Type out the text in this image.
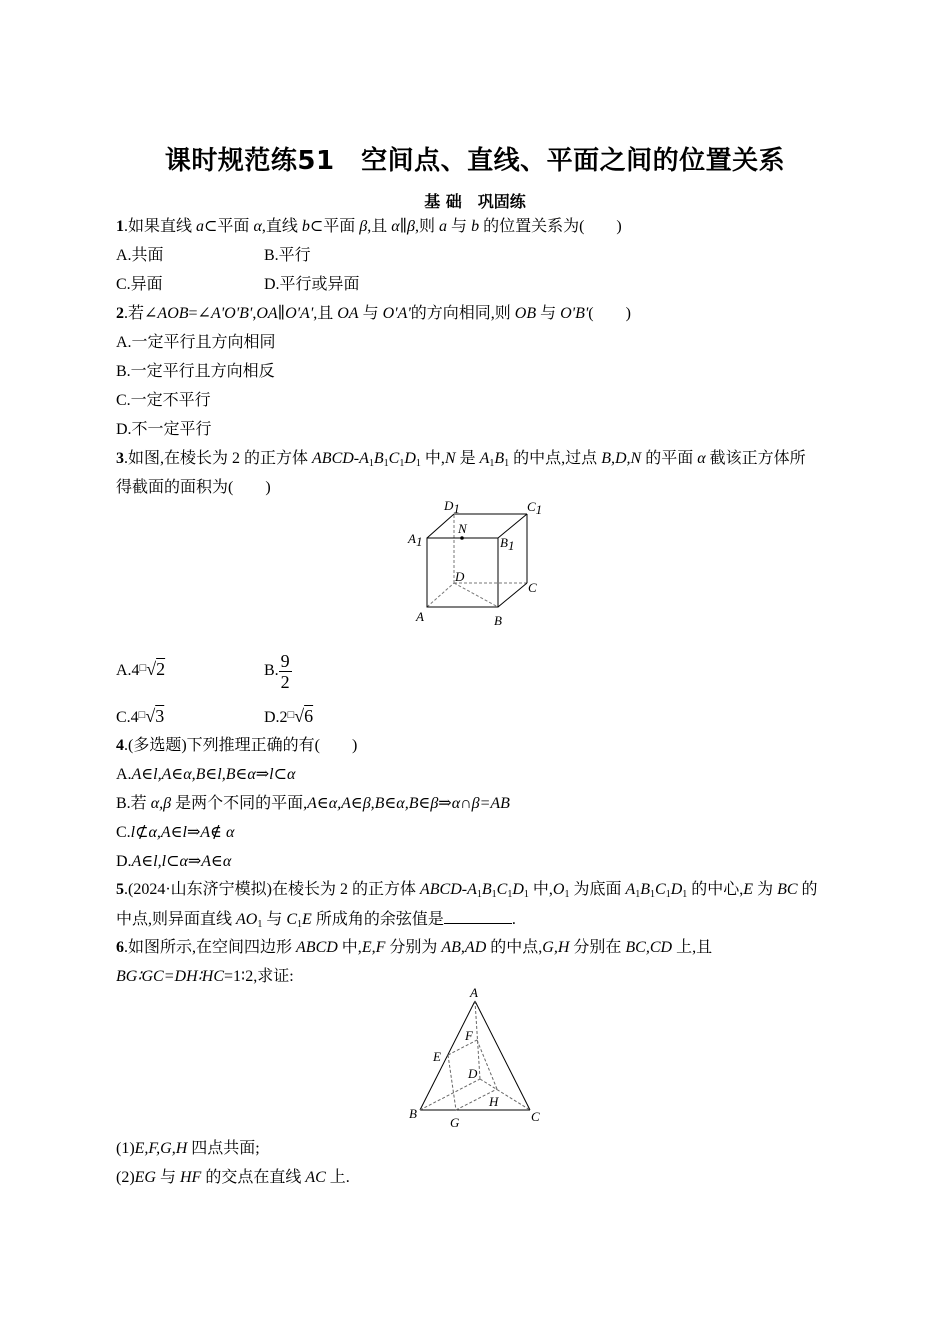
课时规范练51　空间点、直线、平面之间的位置关系
基 础　巩固练
1.如果直线 a⊂平面 α,直线 b⊂平面 β,且 α∥β,则 a 与 b 的位置关系为(　　)
A.共面	B.平行
C.异面	D.平行或异面
2.若∠AOB=∠A'O'B',OA∥O'A',且 OA 与 O'A'的方向相同,则 OB 与 O'B'(　　)
A.一定平行且方向相同
B.一定平行且方向相反
C.一定不平行
D.不一定平行
3.如图,在棱长为 2 的正方体 ABCD-$A_1B_1C_1D_1$ 中,N 是 $A_1B_1$ 的中点,过点 B,D,N 的平面 α 截该正方体所
得截面的面积为(　　)
D1	C1
A1	B1
N
D
C
A	B
A.4□√2	B. $\frac{9}{2}$
C.4□√3	D.2□√6
4.(多选题)下列推理正确的有(　　)
A.A∈l,A∈α,B∈l,B∈α⇒l⊂α
B.若 α,β 是两个不同的平面,A∈α,A∈β,B∈α,B∈β⇒α∩β=AB
C.l⊄α,A∈l⇒A∉ α
D.A∈l,l⊂α⇒A∈α
5.(2024·山东济宁模拟)在棱长为 2 的正方体 ABCD-$A_1B_1C_1D_1$ 中$,O_1$ 为底面 $A_1B_1C_1D_1$ 的中心,E 为 BC 的
中点,则异面直线 $AO_1$ 与 $C_1E$ 所成角的余弦值是	.
6.如图所示,在空间四边形 ABCD 中,E,F 分别为 AB,AD 的中点,G,H 分别在 BC,CD 上,且
BG∶GC=DH∶HC=1∶2,求证:
A
F
E
D
H
B
G	C
(1)E,F,G,H 四点共面;
(2)EG 与 HF 的交点在直线 AC 上.
